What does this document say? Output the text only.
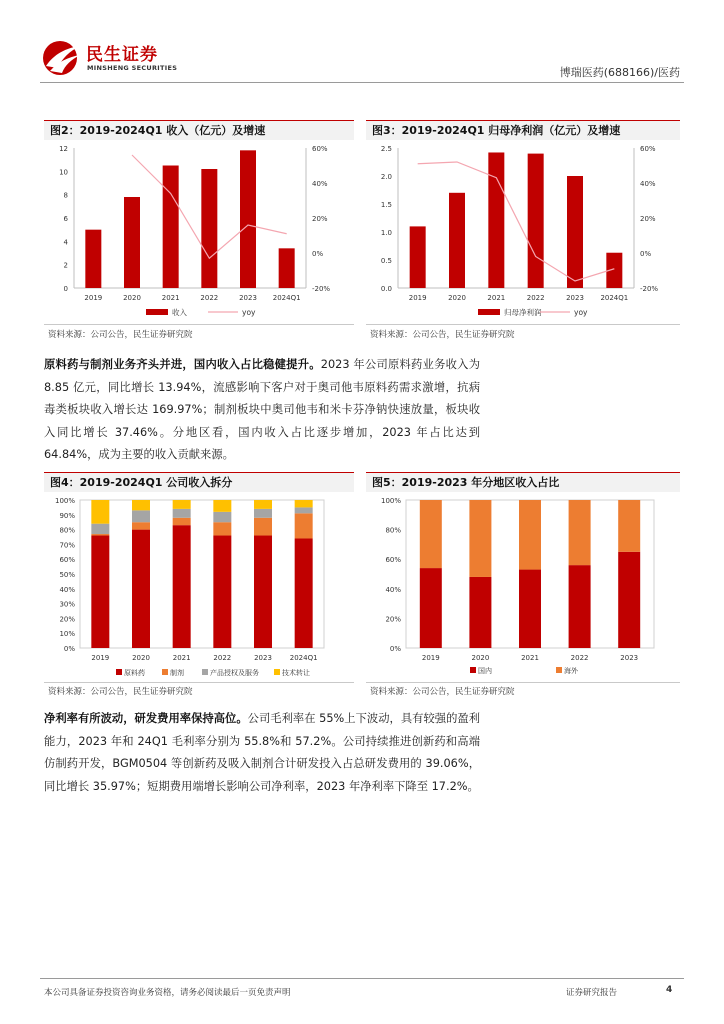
民生证券
MINSHENG SECURITIES	博瑞医药(688166)/医药
图2：2019-2024Q1 收入（亿元）及增速
0
2
4
6
8
10
12
-20%
0%
20%
40%
60%
2019	2020	2021	2022	2023 2024Q1
收入	yoy
资料来源：公司公告，民生证券研究院
图3：2019-2024Q1 归母净利润（亿元）及增速
0.0
0.5
1.0
1.5
2.0
2.5
-20%
0%
20%
40%
60%
2019	2020	2021	2022	2023 2024Q1
归母净利润	yoy
资料来源：公司公告，民生证券研究院
原料药与制剂业务齐头并进，国内收入占比稳健提升。2023 年公司原料药业务收入为 8.85 亿元，同比增长 13.94%，流感影响下客户对于奥司他韦原料药需求激增，抗病毒类板块收入增长达 169.97%；制剂板块中奥司他韦和米卡芬净钠快速放量，板块收入同比增长 37.46%。分地区看，国内收入占比逐步增加，2023 年占比达到 64.84%，成为主要的收入贡献来源。
图4：2019-2024Q1 公司收入拆分
0%
10%
20%
30%
40%
50%
60%
70%
80%
90%
100%
2019	2020	2021	2022	2023	2024Q1
原料药	制剂	产品授权及服务	技术转让
资料来源：公司公告，民生证券研究院
图5：2019-2023 年分地区收入占比
0%
20%
40%
60%
80%
100%
2019	2020	2021	2022	2023
国内	海外
资料来源：公司公告，民生证券研究院
净利率有所波动，研发费用率保持高位。公司毛利率在 55%上下波动，具有较强的盈利能力，2023 年和 24Q1 毛利率分别为 55.8%和 57.2%。公司持续推进创新药和高端仿制药开发，BGM0504 等创新药及吸入制剂合计研发投入占总研发费用的 39.06%，同比增长 35.97%；短期费用端增长影响公司净利率，2023 年净利率下降至 17.2%。
本公司具备证券投资咨询业务资格，请务必阅读最后一页免责声明	证券研究报告	4
